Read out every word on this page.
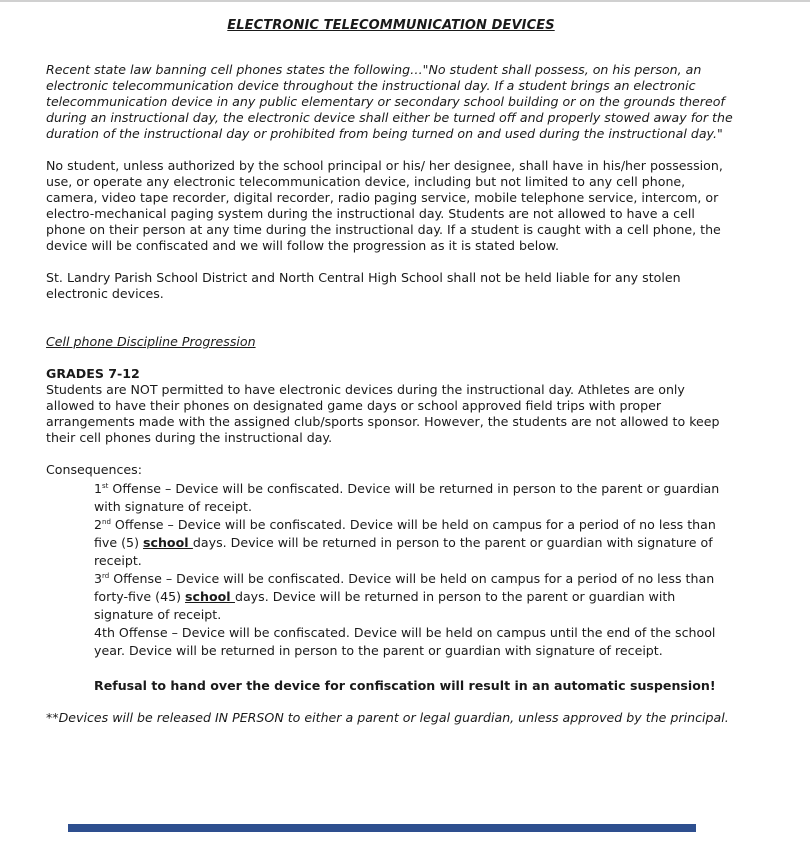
ELECTRONIC TELECOMMUNICATION DEVICES

Recent state law banning cell phones states the following…"No student shall possess, on his person, an electronic telecommunication device throughout the instructional day. If a student brings an electronic telecommunication device in any public elementary or secondary school building or on the grounds thereof during an instructional day, the electronic device shall either be turned off and properly stowed away for the duration of the instructional day or prohibited from being turned on and used during the instructional day."

No student, unless authorized by the school principal or his/ her designee, shall have in his/her possession, use, or operate any electronic telecommunication device, including but not limited to any cell phone, camera, video tape recorder, digital recorder, radio paging service, mobile telephone service, intercom, or electro-mechanical paging system during the instructional day. Students are not allowed to have a cell phone on their person at any time during the instructional day. If a student is caught with a cell phone, the device will be confiscated and we will follow the progression as it is stated below.

St. Landry Parish School District and North Central High School shall not be held liable for any stolen electronic devices.

Cell phone Discipline Progression
GRADES 7-12

Students are NOT permitted to have electronic devices during the instructional day. Athletes are only allowed to have their phones on designated game days or school approved field trips with proper arrangements made with the assigned club/sports sponsor. However, the students are not allowed to keep their cell phones during the instructional day.

Consequences:

1st Offense – Device will be confiscated. Device will be returned in person to the parent or guardian with signature of receipt.

2nd Offense – Device will be confiscated. Device will be held on campus for a period of no less than five (5) school days. Device will be returned in person to the parent or guardian with signature of receipt.

3rd Offense – Device will be confiscated. Device will be held on campus for a period of no less than forty-five (45) school days. Device will be returned in person to the parent or guardian with signature of receipt.

4th Offense – Device will be confiscated. Device will be held on campus until the end of the school year. Device will be returned in person to the parent or guardian with signature of receipt.

Refusal to hand over the device for confiscation will result in an automatic suspension!

**Devices will be released IN PERSON to either a parent or legal guardian, unless approved by the principal.
